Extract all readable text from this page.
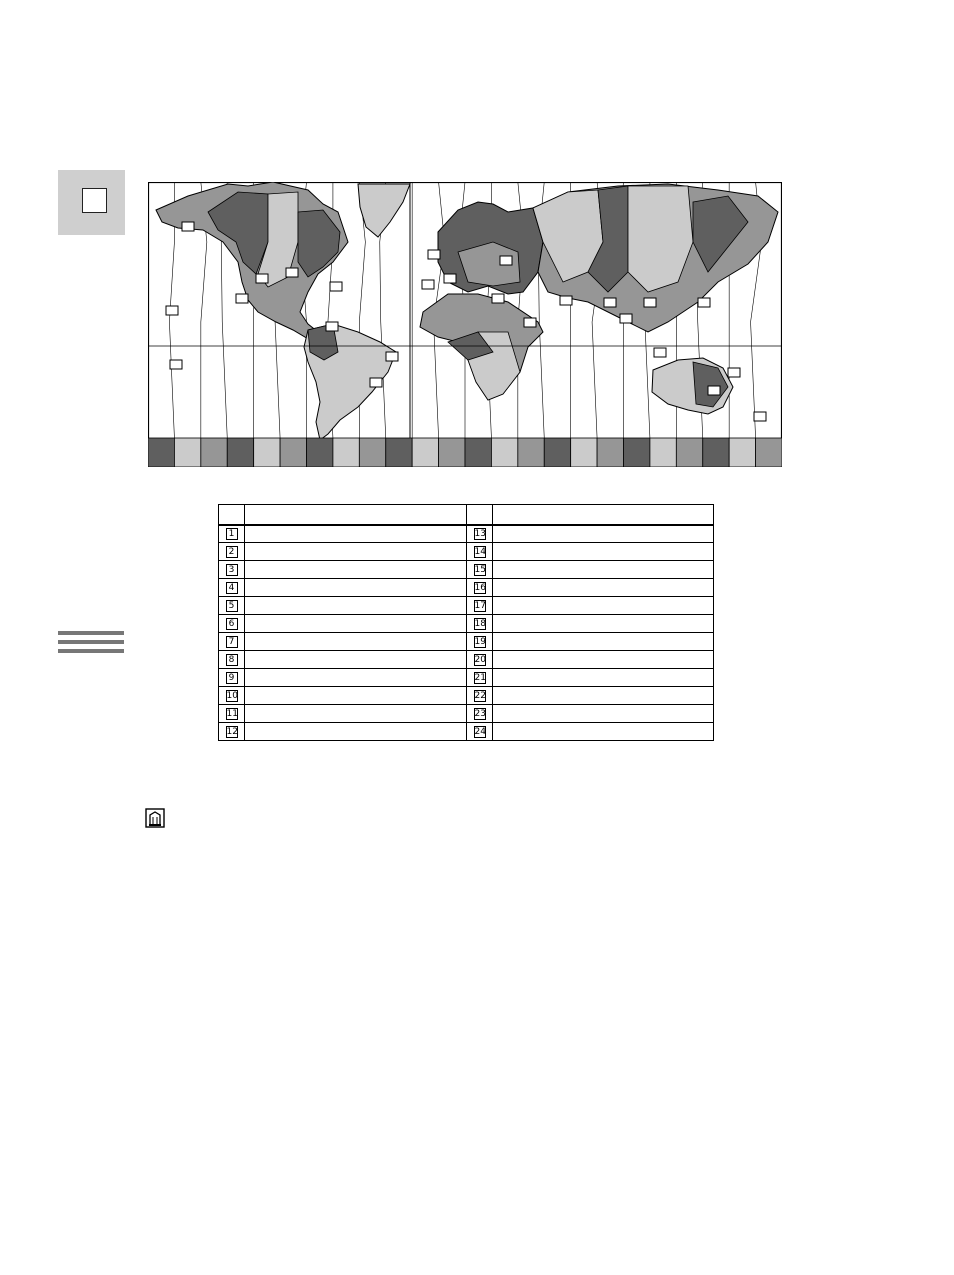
1		13	
2		14	
3		15	
4		16	
5		17	
6		18	
7		19	
8		20	
9		21	
10		22	
11		23	
12		24	
